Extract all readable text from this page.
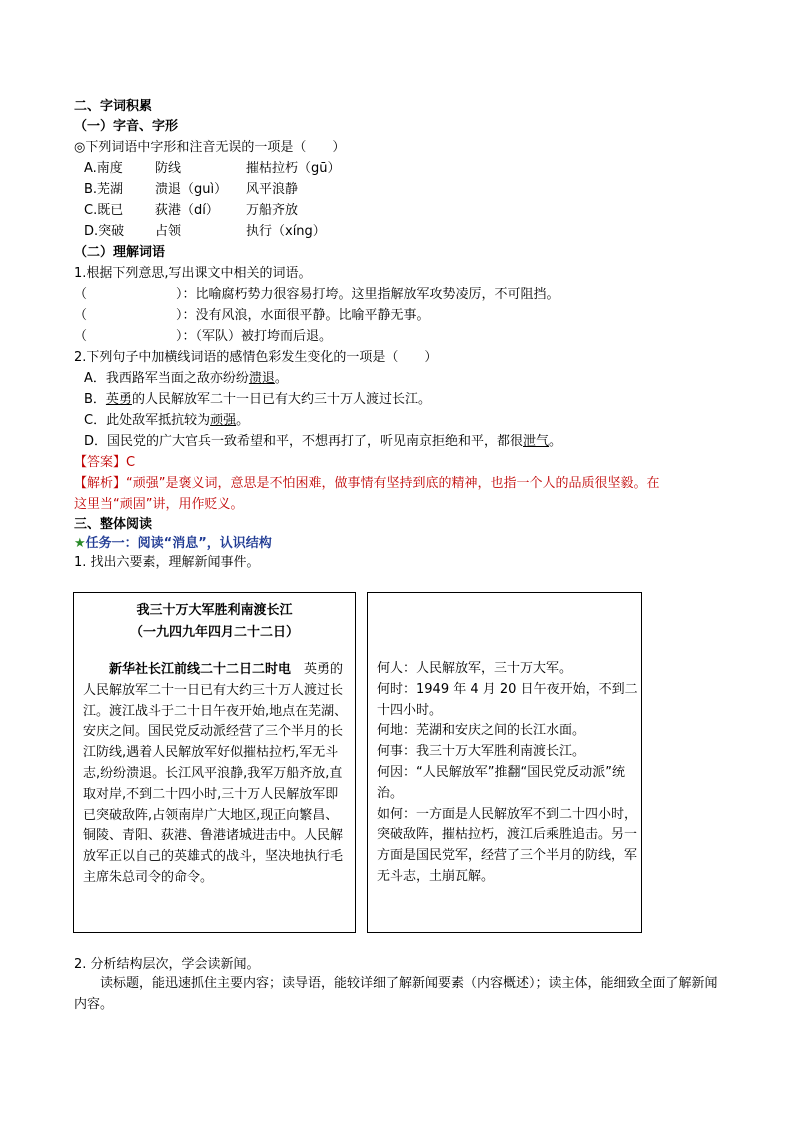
二、字词积累
（一）字音、字形
◎下列词语中字形和注音无误的一项是（　　）
A.南度 防线	摧枯拉朽（gū）
B.芜湖 溃退（guì） 风平浪静
C.既已 荻港（dí） 万船齐放
D.突破 占领	执行（xíng）
（二）理解词语
1.根据下列意思,写出课文中相关的词语。
（	）：比喻腐朽势力很容易打垮。这里指解放军攻势凌厉，不可阻挡。
（	）：没有风浪，水面很平静。比喻平静无事。
（	）：（军队）被打垮而后退。
2.下列句子中加横线词语的感情色彩发生变化的一项是（　　）
A．我西路军当面之敌亦纷纷溃退。
B．英勇的人民解放军二十一日已有大约三十万人渡过长江。
C．此处敌军抵抗较为顽强。
D．国民党的广大官兵一致希望和平，不想再打了，听见南京拒绝和平，都很泄气。
【答案】C
【解析】“顽强”是褒义词，意思是不怕困难，做事情有坚持到底的精神，也指一个人的品质很坚毅。在
这里当“顽固”讲，用作贬义。
三、整体阅读
★任务一：阅读“消息”，认识结构
1. 找出六要素，理解新闻事件。
我三十万大军胜利南渡长江
（一九四九年四月二十二日）
新华社长江前线二十二日二时电　 英勇的人民解放军二十一日已有大约三十万人渡过长江。渡江战斗于二十日午夜开始,地点在芜湖、安庆之间。国民党反动派经营了三个半月的长江防线,遇着人民解放军好似摧枯拉朽,军无斗志,纷纷溃退。长江风平浪静,我军万船齐放,直取对岸,不到二十四小时,三十万人民解放军即已突破敌阵,占领南岸广大地区,现正向繁昌、铜陵、青阳、荻港、鲁港诸城进击中。人民解放军正以自己的英雄式的战斗，坚决地执行毛主席朱总司令的命令。
何人：人民解放军，三十万大军。
何时：1949 年 4 月 20 日午夜开始，不到二十四小时。
何地：芜湖和安庆之间的长江水面。
何事：我三十万大军胜利南渡长江。
何因：“人民解放军”推翻“国民党反动派”统治。
如何：一方面是人民解放军不到二十四小时，突破敌阵，摧枯拉朽，渡江后乘胜追击。另一方面是国民党军，经营了三个半月的防线，军无斗志，土崩瓦解。
2. 分析结构层次，学会读新闻。
读标题，能迅速抓住主要内容；读导语，能较详细了解新闻要素（内容概述）；读主体，能细致全面了解新闻内容。
